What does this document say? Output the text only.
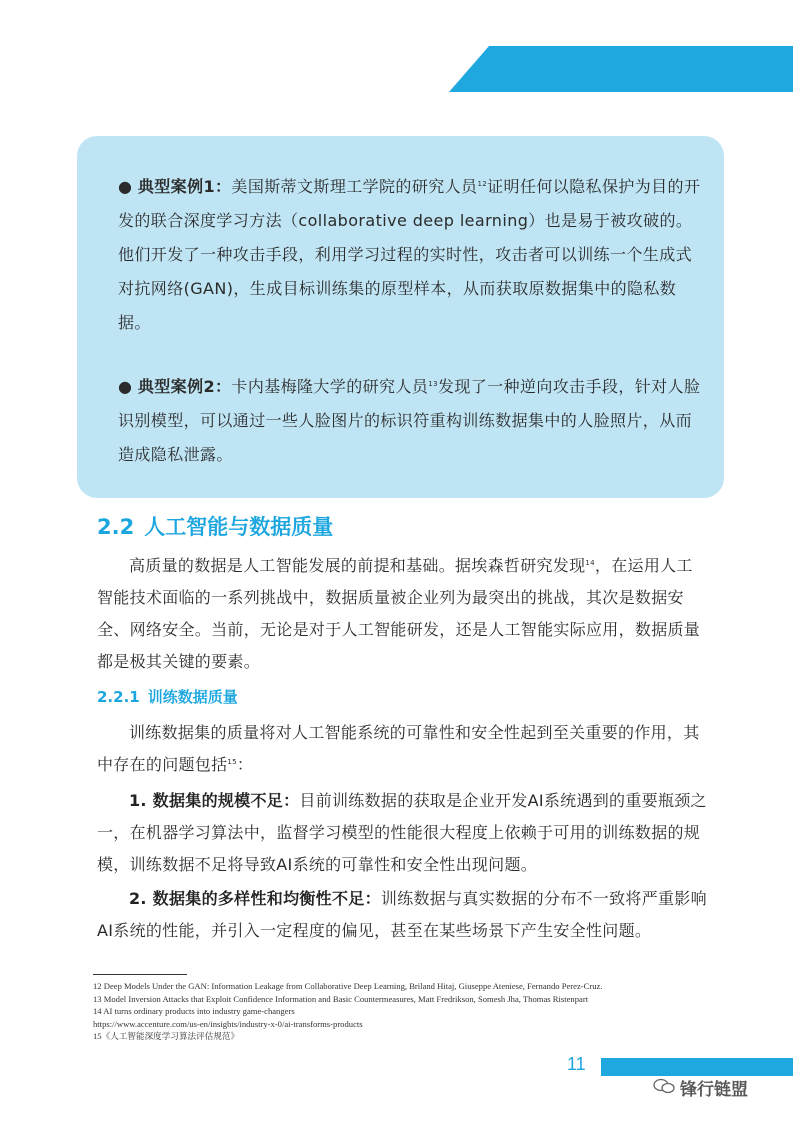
● 典型案例1：美国斯蒂文斯理工学院的研究人员$^{12}$证明任何以隐私保护为目的开发的联合深度学习方法（collaborative deep learning）也是易于被攻破的。他们开发了一种攻击手段，利用学习过程的实时性，攻击者可以训练一个生成式对抗网络(GAN)，生成目标训练集的原型样本，从而获取原数据集中的隐私数据。
● 典型案例2：卡内基梅隆大学的研究人员$^{13}$发现了一种逆向攻击手段，针对人脸识别模型，可以通过一些人脸图片的标识符重构训练数据集中的人脸照片，从而造成隐私泄露。
2.2 人工智能与数据质量
高质量的数据是人工智能发展的前提和基础。据埃森哲研究发现$^{14}$，在运用人工智能技术面临的一系列挑战中，数据质量被企业列为最突出的挑战，其次是数据安全、网络安全。当前，无论是对于人工智能研发，还是人工智能实际应用，数据质量都是极其关键的要素。
2.2.1 训练数据质量
训练数据集的质量将对人工智能系统的可靠性和安全性起到至关重要的作用，其中存在的问题包括$^{15}$：
1. 数据集的规模不足：目前训练数据的获取是企业开发AI系统遇到的重要瓶颈之一，在机器学习算法中，监督学习模型的性能很大程度上依赖于可用的训练数据的规模，训练数据不足将导致AI系统的可靠性和安全性出现问题。
2. 数据集的多样性和均衡性不足：训练数据与真实数据的分布不一致将严重影响AI系统的性能，并引入一定程度的偏见，甚至在某些场景下产生安全性问题。
12 Deep Models Under the GAN: Information Leakage from Collaborative Deep Learning, Briland Hitaj, Giuseppe Ateniese, Fernando Perez-Cruz.
13 Model Inversion Attacks that Exploit Confidence Information and Basic Countermeasures, Matt Fredrikson, Somesh Jha, Thomas Ristenpart
14 AI turns ordinary products into industry game-changers
https://www.accenture.com/us-en/insights/industry-x-0/ai-transforms-products
15《人工智能深度学习算法评估规范》
11
锋行链盟
